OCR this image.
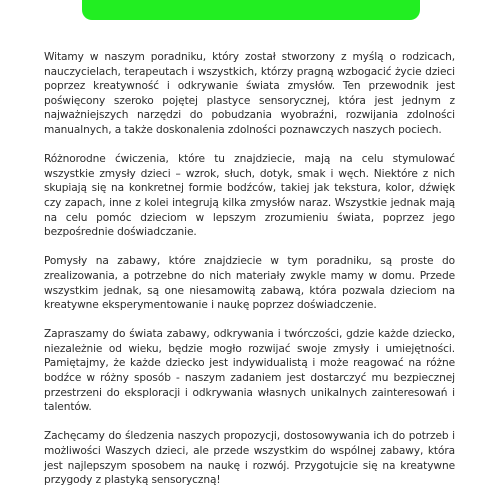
Witamy w naszym poradniku, który został stworzony z myślą o rodzicach, nauczycielach, terapeutach i wszystkich, którzy pragną wzbogacić życie dzieci poprzez kreatywność i odkrywanie świata zmysłów. Ten przewodnik jest poświęcony szeroko pojętej plastyce sensorycznej, która jest jednym z najważniejszych narzędzi do pobudzania wyobraźni, rozwijania zdolności manualnych, a także doskonalenia zdolności poznawczych naszych pociech.

Różnorodne ćwiczenia, które tu znajdziecie, mają na celu stymulować wszystkie zmysły dzieci – wzrok, słuch, dotyk, smak i węch. Niektóre z nich skupiają się na konkretnej formie bodźców, takiej jak tekstura, kolor, dźwięk czy zapach, inne z kolei integrują kilka zmysłów naraz. Wszystkie jednak mają na celu pomóc dzieciom w lepszym zrozumieniu świata, poprzez jego bezpośrednie doświadczanie.

Pomysły na zabawy, które znajdziecie w tym poradniku, są proste do zrealizowania, a potrzebne do nich materiały zwykle mamy w domu. Przede wszystkim jednak, są one niesamowitą zabawą, która pozwala dzieciom na kreatywne eksperymentowanie i naukę poprzez doświadczenie.

Zapraszamy do świata zabawy, odkrywania i twórczości, gdzie każde dziecko, niezależnie od wieku, będzie mogło rozwijać swoje zmysły i umiejętności. Pamiętajmy, że każde dziecko jest indywidualistą i może reagować na różne bodźce w różny sposób - naszym zadaniem jest dostarczyć mu bezpiecznej przestrzeni do eksploracji i odkrywania własnych unikalnych zainteresowań i talentów.

Zachęcamy do śledzenia naszych propozycji, dostosowywania ich do potrzeb i możliwości Waszych dzieci, ale przede wszystkim do wspólnej zabawy, która jest najlepszym sposobem na naukę i rozwój. Przygotujcie się na kreatywne przygody z plastyką sensoryczną!
